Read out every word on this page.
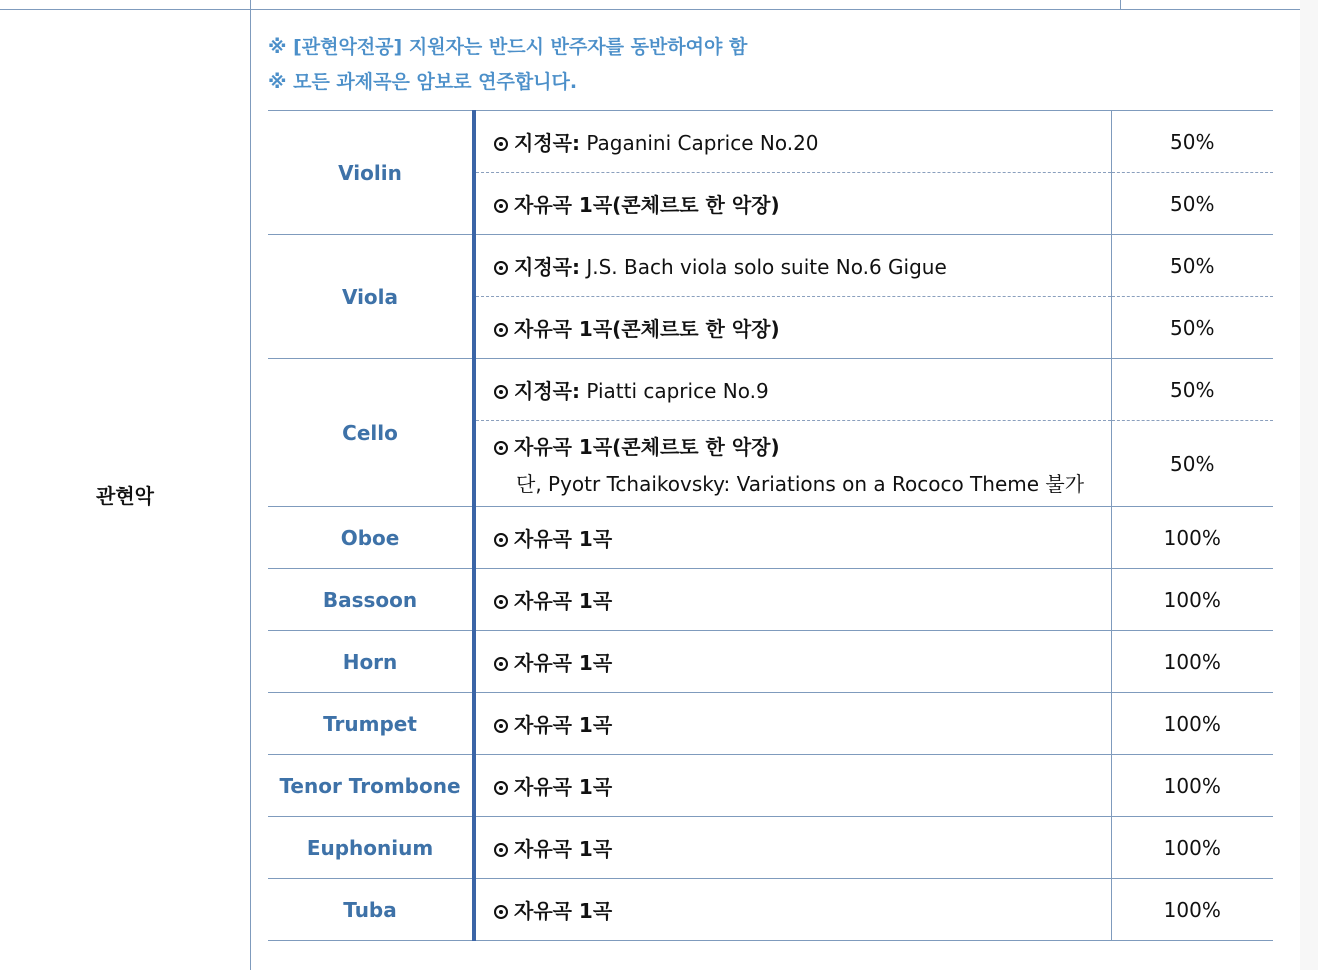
관현악
※ [관현악전공] 지원자는 반드시 반주자를 동반하여야 함
※ 모든 과제곡은 암보로 연주합니다.
Violin	지정곡: Paganini Caprice No.20	50%
	자유곡 1곡(콘체르토 한 악장)	50%
Viola	지정곡: J.S. Bach viola solo suite No.6 Gigue	50%
	자유곡 1곡(콘체르토 한 악장)	50%
Cello	지정곡: Piatti caprice No.9	50%
	자유곡 1곡(콘체르토 한 악장)
단, Pyotr Tchaikovsky: Variations on a Rococo Theme 불가	50%
Oboe	자유곡 1곡	100%
Bassoon	자유곡 1곡	100%
Horn	자유곡 1곡	100%
Trumpet	자유곡 1곡	100%
Tenor Trombone	자유곡 1곡	100%
Euphonium	자유곡 1곡	100%
Tuba	자유곡 1곡	100%
